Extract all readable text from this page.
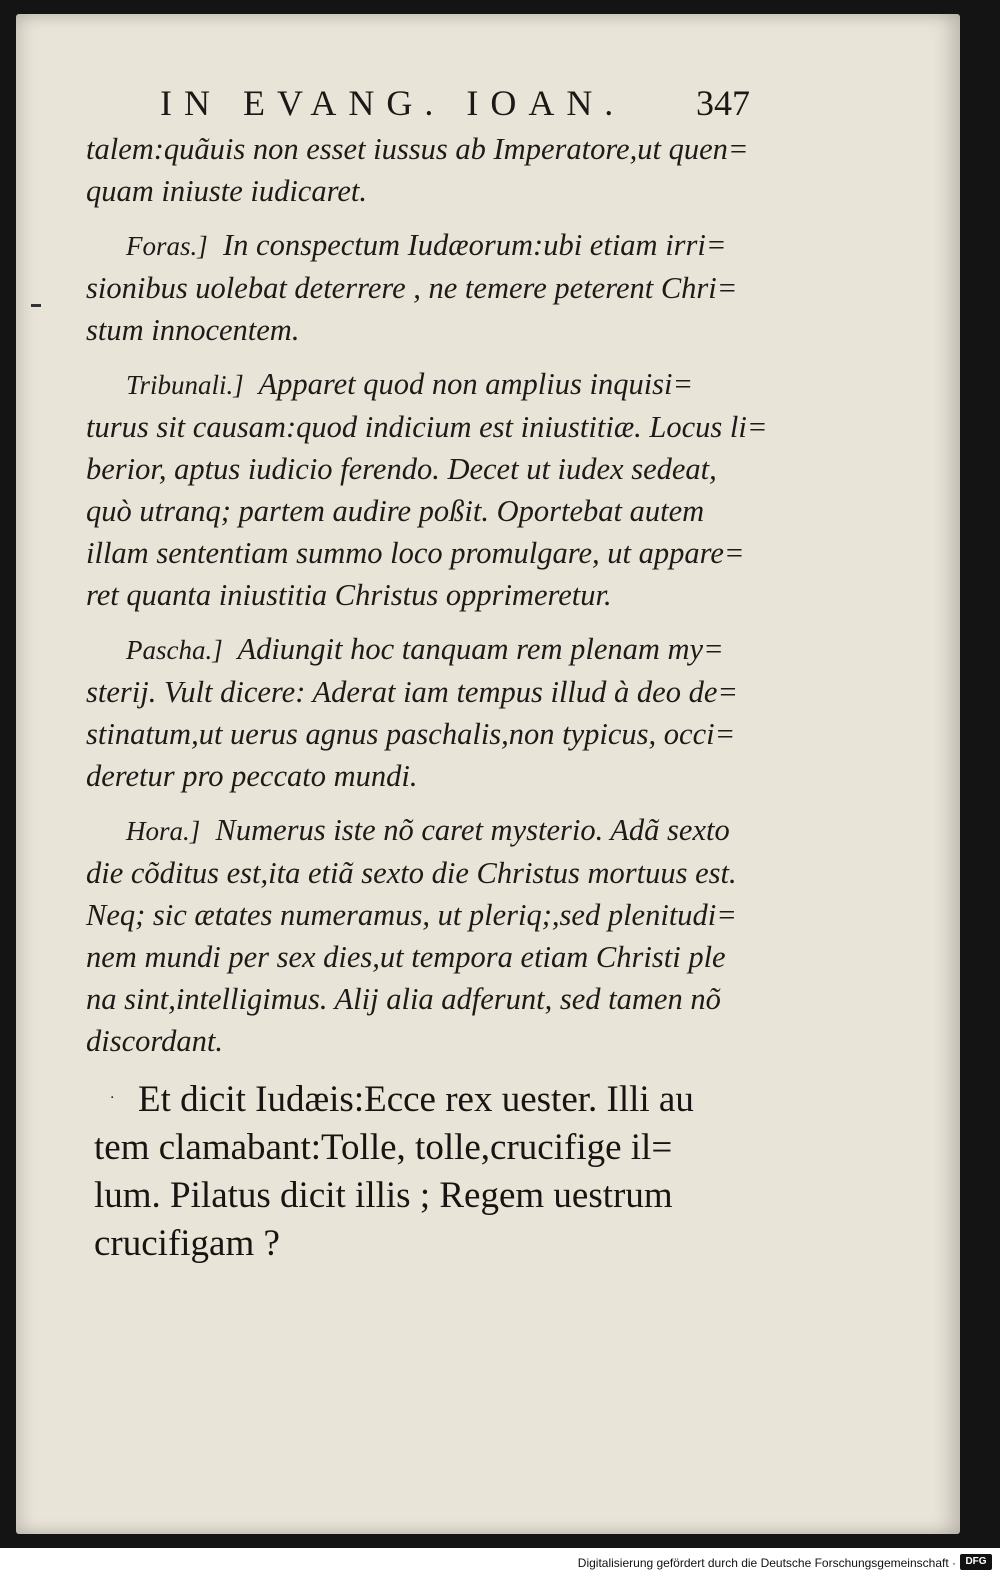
IN EVANG. IOAN. 347

talem:quãuis non esset iussus ab Imperatore,ut quen=
quam iniuste iudicaret.

Foras.] In conspectum Iudæorum:ubi etiam irri=
sionibus uolebat deterrere , ne temere peterent Chri=
stum innocentem.

Tribunali.] Apparet quod non amplius inquisi=
turus sit causam:quod indicium est iniustitiæ. Locus li=
berior, aptus iudicio ferendo. Decet ut iudex sedeat,
quò utranq; partem audire poßit. Oportebat autem
illam sententiam summo loco promulgare, ut appare=
ret quanta iniustitia Christus opprimeretur.

Pascha.] Adiungit hoc tanquam rem plenam my=
sterij. Vult dicere: Aderat iam tempus illud à deo de=
stinatum,ut uerus agnus paschalis,non typicus, occi=
deretur pro peccato mundi.

Hora.] Numerus iste nõ caret mysterio. Adã sexto
die cõditus est,ita etiã sexto die Christus mortuus est.
Neq; sic ætates numeramus, ut pleriq;,sed plenitudi=
nem mundi per sex dies,ut tempora etiam Christi ple
na sint,intelligimus. Alij alia adferunt, sed tamen nõ
discordant.

· Et dicit Iudæis:Ecce rex uester. Illi au
tem clamabant:Tolle, tolle,crucifige il=
lum. Pilatus dicit illis ; Regem uestrum
crucifigam ?
Digitalisierung gefördert durch die Deutsche Forschungsgemeinschaft · DFG
